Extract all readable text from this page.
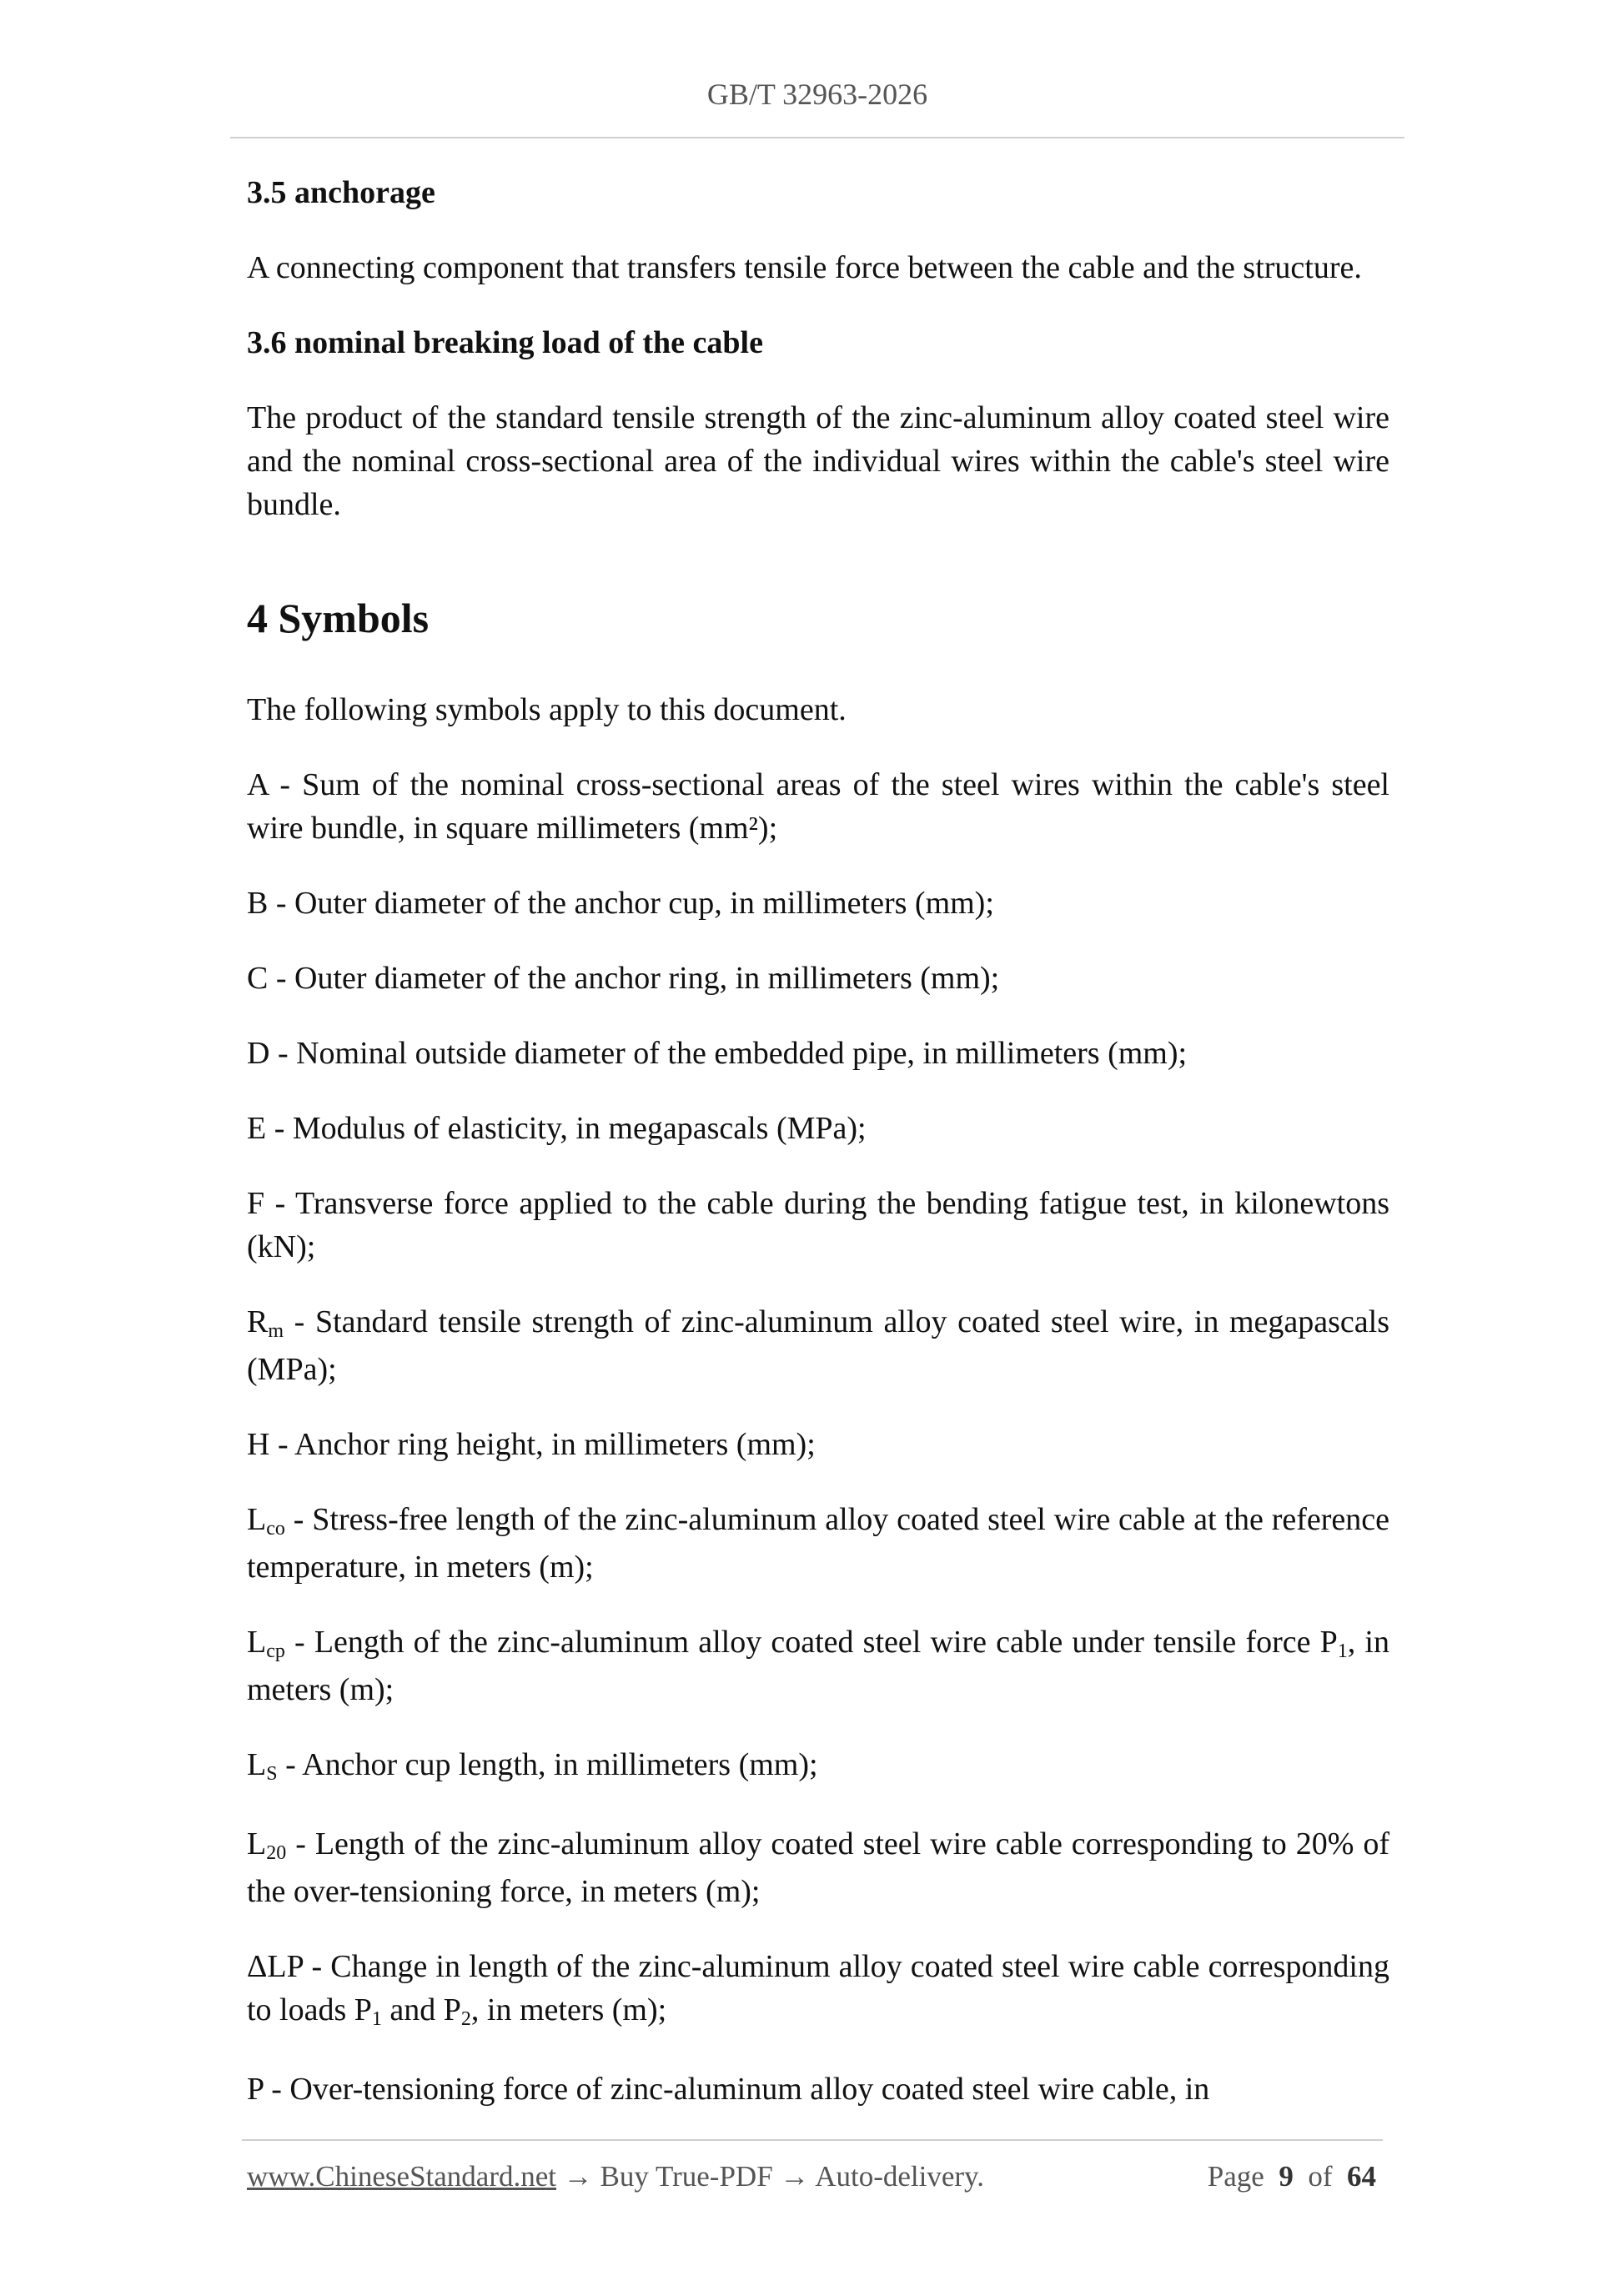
GB/T 32963-2026
3.5 anchorage

A connecting component that transfers tensile force between the cable and the structure.

3.6 nominal breaking load of the cable

The product of the standard tensile strength of the zinc-aluminum alloy coated steel wire and the nominal cross-sectional area of the individual wires within the cable's steel wire bundle.

4 Symbols

The following symbols apply to this document.

A - Sum of the nominal cross-sectional areas of the steel wires within the cable's steel wire bundle, in square millimeters (mm²);
B - Outer diameter of the anchor cup, in millimeters (mm);
C - Outer diameter of the anchor ring, in millimeters (mm);
D - Nominal outside diameter of the embedded pipe, in millimeters (mm);
E - Modulus of elasticity, in megapascals (MPa);
F - Transverse force applied to the cable during the bending fatigue test, in kilonewtons (kN);
Rm - Standard tensile strength of zinc-aluminum alloy coated steel wire, in megapascals (MPa);
H - Anchor ring height, in millimeters (mm);
Lco - Stress-free length of the zinc-aluminum alloy coated steel wire cable at the reference temperature, in meters (m);
Lcp - Length of the zinc-aluminum alloy coated steel wire cable under tensile force P1, in meters (m);
LS - Anchor cup length, in millimeters (mm);
L20 - Length of the zinc-aluminum alloy coated steel wire cable corresponding to 20% of the over-tensioning force, in meters (m);
ΔLP - Change in length of the zinc-aluminum alloy coated steel wire cable corresponding to loads P1 and P2, in meters (m);
P - Over-tensioning force of zinc-aluminum alloy coated steel wire cable, in
www.ChineseStandard.net → Buy True-PDF → Auto-delivery.	Page 9 of 64
